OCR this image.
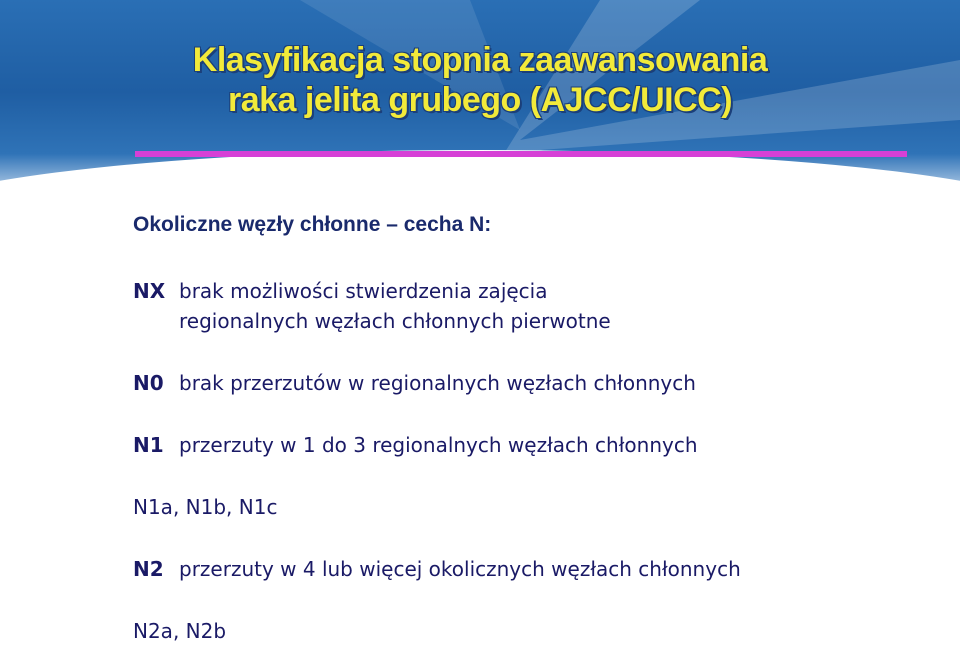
Klasyfikacja stopnia zaawansowania
raka jelita grubego (AJCC/UICC)
Okoliczne węzły chłonne – cecha N:
NX brak możliwości stwierdzenia zajęcia
regionalnych węzłach chłonnych pierwotne
N0 brak przerzutów w regionalnych węzłach chłonnych
N1 przerzuty w 1 do 3 regionalnych węzłach chłonnych
N1a, N1b, N1c
N2 przerzuty w 4 lub więcej okolicznych węzłach chłonnych
N2a, N2b
